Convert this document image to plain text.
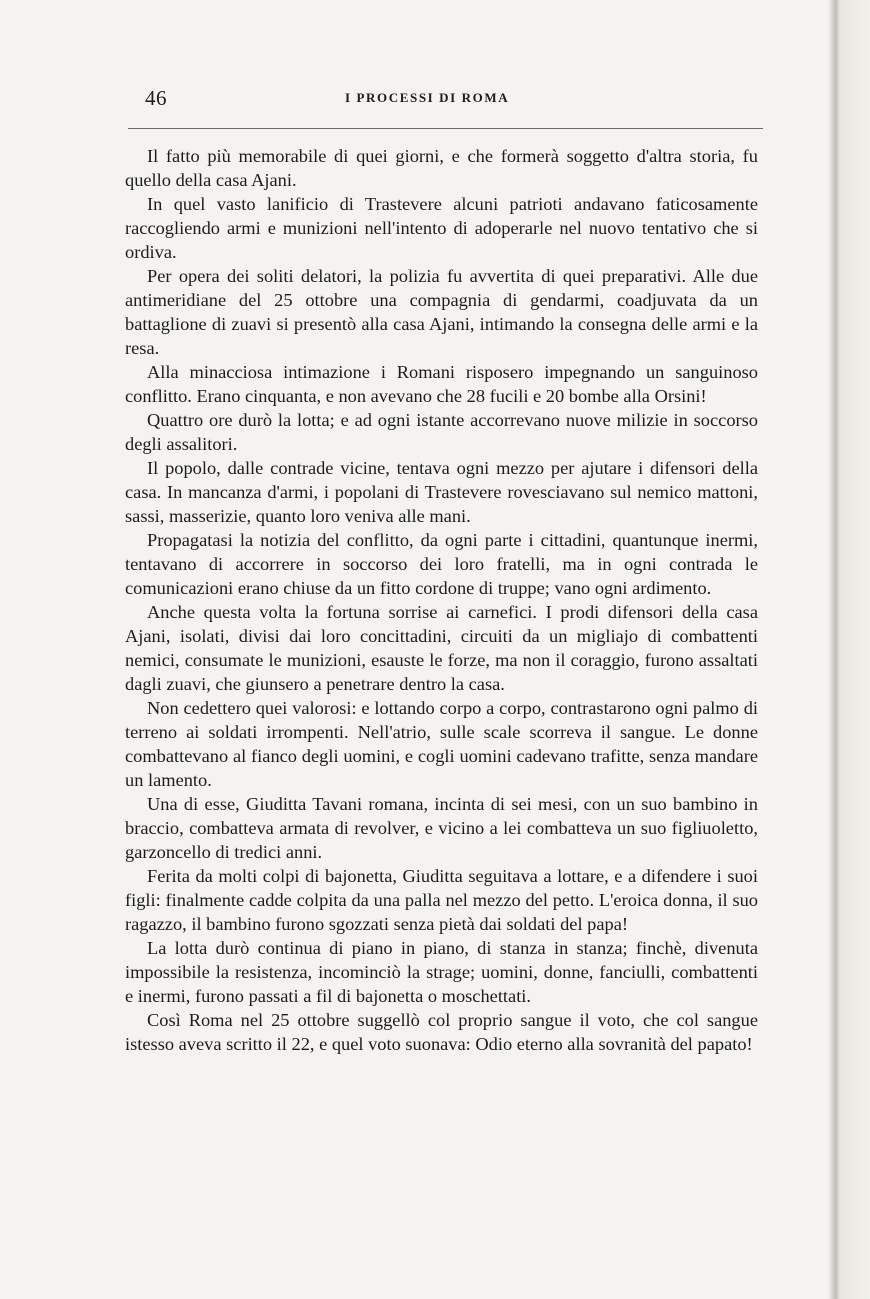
46	I PROCESSI DI ROMA

Il fatto più memorabile di quei giorni, e che formerà soggetto d'altra storia, fu quello della casa Ajani.

In quel vasto lanificio di Trastevere alcuni patrioti andavano faticosamente raccogliendo armi e munizioni nell'intento di adoperarle nel nuovo tentativo che si ordiva.

Per opera dei soliti delatori, la polizia fu avvertita di quei preparativi. Alle due antimeridiane del 25 ottobre una compagnia di gendarmi, coadjuvata da un battaglione di zuavi si presentò alla casa Ajani, intimando la consegna delle armi e la resa.

Alla minacciosa intimazione i Romani risposero impegnando un sanguinoso conflitto. Erano cinquanta, e non avevano che 28 fucili e 20 bombe alla Orsini!

Quattro ore durò la lotta; e ad ogni istante accorrevano nuove milizie in soccorso degli assalitori.

Il popolo, dalle contrade vicine, tentava ogni mezzo per ajutare i difensori della casa. In mancanza d'armi, i popolani di Trastevere rovesciavano sul nemico mattoni, sassi, masserizie, quanto loro veniva alle mani.

Propagatasi la notizia del conflitto, da ogni parte i cittadini, quantunque inermi, tentavano di accorrere in soccorso dei loro fratelli, ma in ogni contrada le comunicazioni erano chiuse da un fitto cordone di truppe; vano ogni ardimento.

Anche questa volta la fortuna sorrise ai carnefici. I prodi difensori della casa Ajani, isolati, divisi dai loro concittadini, circuiti da un migliajo di combattenti nemici, consumate le munizioni, esauste le forze, ma non il coraggio, furono assaltati dagli zuavi, che giunsero a penetrare dentro la casa.

Non cedettero quei valorosi: e lottando corpo a corpo, contrastarono ogni palmo di terreno ai soldati irrompenti. Nell'atrio, sulle scale scorreva il sangue. Le donne combattevano al fianco degli uomini, e cogli uomini cadevano trafitte, senza mandare un lamento.

Una di esse, Giuditta Tavani romana, incinta di sei mesi, con un suo bambino in braccio, combatteva armata di revolver, e vicino a lei combatteva un suo figliuoletto, garzoncello di tredici anni.

Ferita da molti colpi di bajonetta, Giuditta seguitava a lottare, e a difendere i suoi figli: finalmente cadde colpita da una palla nel mezzo del petto. L'eroica donna, il suo ragazzo, il bambino furono sgozzati senza pietà dai soldati del papa!

La lotta durò continua di piano in piano, di stanza in stanza; finchè, divenuta impossibile la resistenza, incominciò la strage; uomini, donne, fanciulli, combattenti e inermi, furono passati a fil di bajonetta o moschettati.

Così Roma nel 25 ottobre suggellò col proprio sangue il voto, che col sangue istesso aveva scritto il 22, e quel voto suonava: Odio eterno alla sovranità del papato!
